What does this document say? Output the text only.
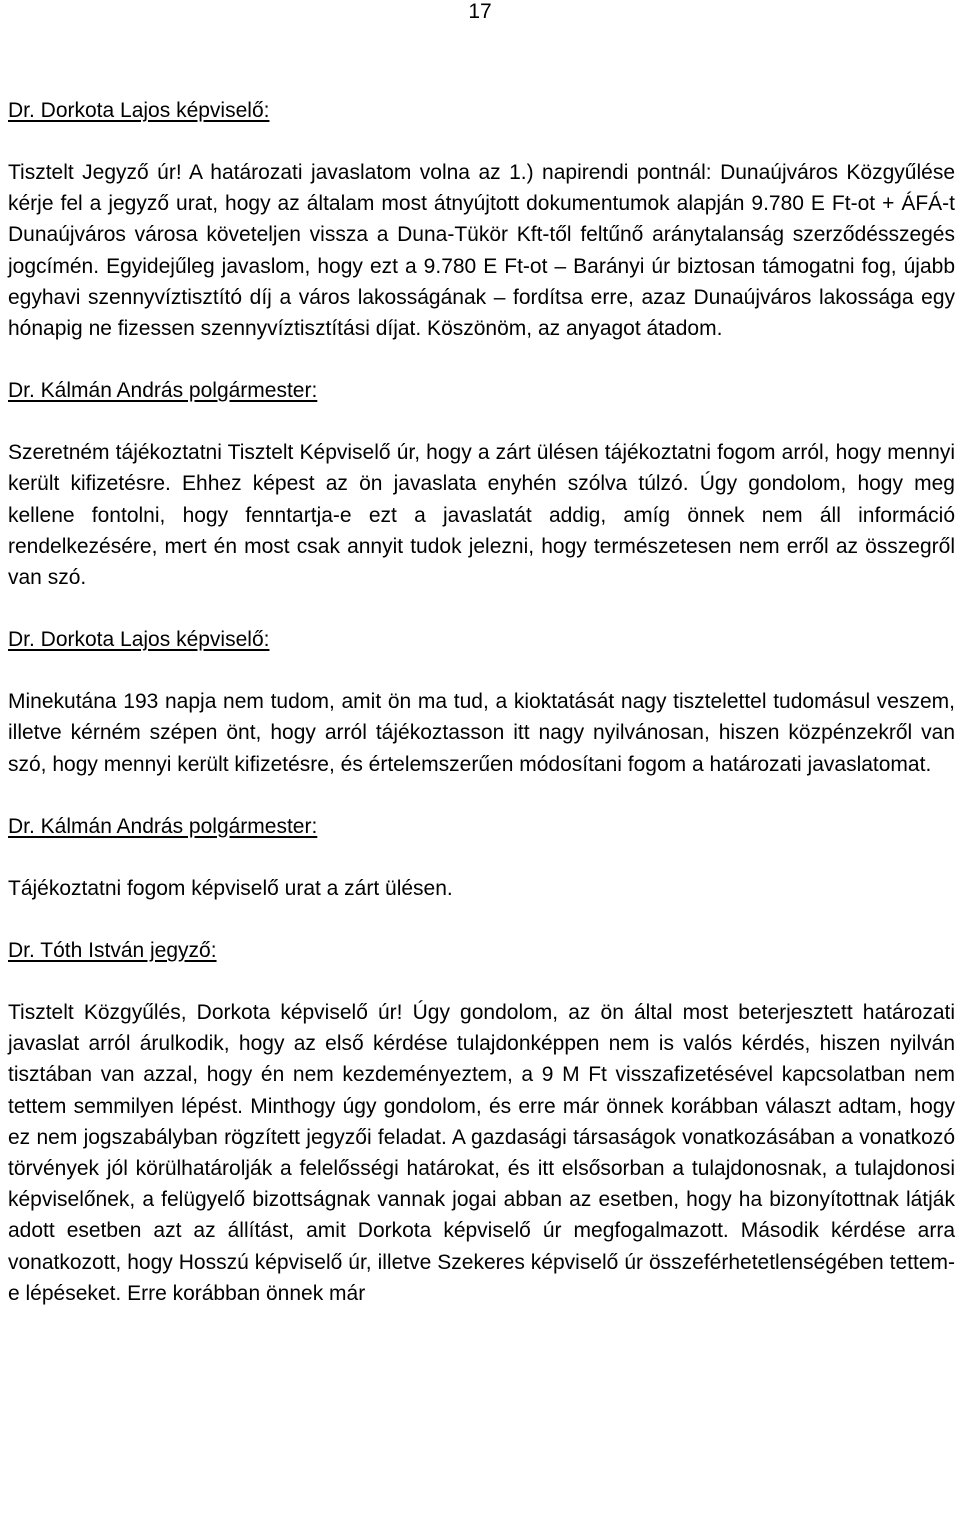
17

Dr. Dorkota Lajos képviselő:

Tisztelt Jegyző úr! A határozati javaslatom volna az 1.) napirendi pontnál: Dunaújváros Közgyűlése kérje fel a jegyző urat, hogy az általam most átnyújtott dokumentumok alapján 9.780 E Ft-ot + ÁFÁ-t Dunaújváros városa követeljen vissza a Duna-Tükör Kft-től feltűnő aránytalanság szerződésszegés jogcímén. Egyidejűleg javaslom, hogy ezt a 9.780 E Ft-ot – Barányi úr biztosan támogatni fog, újabb egyhavi szennyvíztisztító díj a város lakosságának – fordítsa erre, azaz Dunaújváros lakossága egy hónapig ne fizessen szennyvíztisztítási díjat. Köszönöm, az anyagot átadom.

Dr. Kálmán András polgármester:

Szeretném tájékoztatni Tisztelt Képviselő úr, hogy a zárt ülésen tájékoztatni fogom arról, hogy mennyi került kifizetésre. Ehhez képest az ön javaslata enyhén szólva túlzó. Úgy gondolom, hogy meg kellene fontolni, hogy fenntartja-e ezt a javaslatát addig, amíg önnek nem áll információ rendelkezésére, mert én most csak annyit tudok jelezni, hogy természetesen nem erről az összegről van szó.

Dr. Dorkota Lajos képviselő:

Minekutána 193 napja nem tudom, amit ön ma tud, a kioktatását nagy tisztelettel tudomásul veszem, illetve kérném szépen önt, hogy arról tájékoztasson itt nagy nyilvánosan, hiszen közpénzekről van szó, hogy mennyi került kifizetésre, és értelemszerűen módosítani fogom a határozati javaslatomat.

Dr. Kálmán András polgármester:

Tájékoztatni fogom képviselő urat a zárt ülésen.

Dr. Tóth István jegyző:

Tisztelt Közgyűlés, Dorkota képviselő úr! Úgy gondolom, az ön által most beterjesztett határozati javaslat arról árulkodik, hogy az első kérdése tulajdonképpen nem is valós kérdés, hiszen nyilván tisztában van azzal, hogy én nem kezdeményeztem, a 9 M Ft visszafizetésével kapcsolatban nem tettem semmilyen lépést. Minthogy úgy gondolom, és erre már önnek korábban választ adtam, hogy ez nem jogszabályban rögzített jegyzői feladat. A gazdasági társaságok vonatkozásában a vonatkozó törvények jól körülhatárolják a felelősségi határokat, és itt elsősorban a tulajdonosnak, a tulajdonosi képviselőnek, a felügyelő bizottságnak vannak jogai abban az esetben, hogy ha bizonyítottnak látják adott esetben azt az állítást, amit Dorkota képviselő úr megfogalmazott. Második kérdése arra vonatkozott, hogy Hosszú képviselő úr, illetve Szekeres képviselő úr összeférhetetlenségében tettem-e lépéseket. Erre korábban önnek már
